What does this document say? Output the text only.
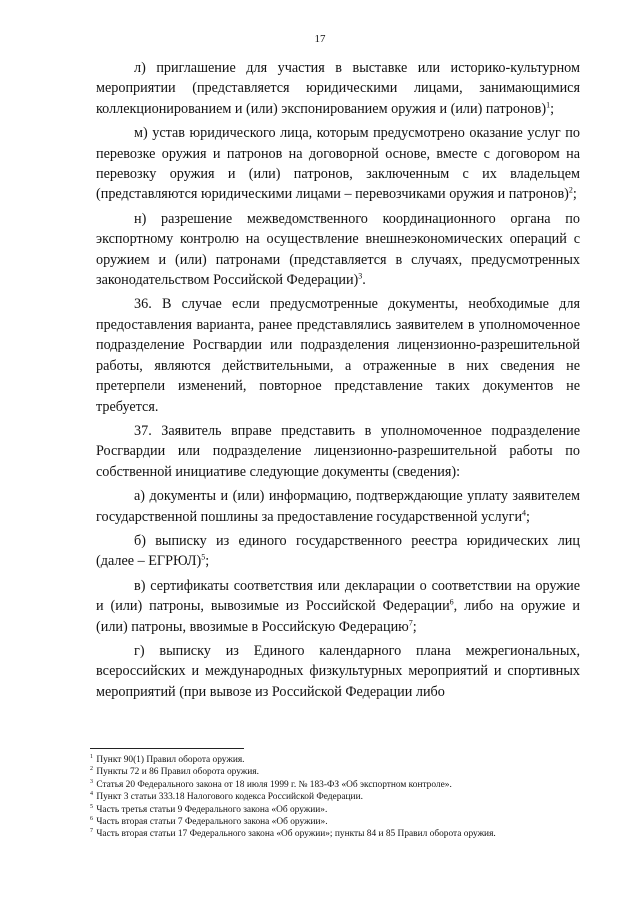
17

л) приглашение для участия в выставке или историко-культурном мероприятии (представляется юридическими лицами, занимающимися коллекционированием и (или) экспонированием оружия и (или) патронов)$^1$;

м) устав юридического лица, которым предусмотрено оказание услуг по перевозке оружия и патронов на договорной основе, вместе с договором на перевозку оружия и (или) патронов, заключенным с их владельцем (представляются юридическими лицами – перевозчиками оружия и патронов)$^2$;

н) разрешение межведомственного координационного органа по экспортному контролю на осуществление внешнеэкономических операций с оружием и (или) патронами (представляется в случаях, предусмотренных законодательством Российской Федерации)$^3$.

36. В случае если предусмотренные документы, необходимые для предоставления варианта, ранее представлялись заявителем в уполномоченное подразделение Росгвардии или подразделения лицензионно-разрешительной работы, являются действительными, а отраженные в них сведения не претерпели изменений, повторное представление таких документов не требуется.

37. Заявитель вправе представить в уполномоченное подразделение Росгвардии или подразделение лицензионно-разрешительной работы по собственной инициативе следующие документы (сведения):

а) документы и (или) информацию, подтверждающие уплату заявителем государственной пошлины за предоставление государственной услуги$^4$;

б) выписку из единого государственного реестра юридических лиц (далее – ЕГРЮЛ)$^5$;

в) сертификаты соответствия или декларации о соответствии на оружие и (или) патроны, вывозимые из Российской Федерации$^6$, либо на оружие и (или) патроны, ввозимые в Российскую Федерацию$^7$;

г) выписку из Единого календарного плана межрегиональных, всероссийских и международных физкультурных мероприятий и спортивных мероприятий (при вывозе из Российской Федерации либо

$^1$ Пункт 90(1) Правил оборота оружия.
$^2$ Пункты 72 и 86 Правил оборота оружия.
$^3$ Статья 20 Федерального закона от 18 июля 1999 г. № 183-ФЗ «Об экспортном контроле».
$^4$ Пункт 3 статьи 333.18 Налогового кодекса Российской Федерации.
$^5$ Часть третья статьи 9 Федерального закона «Об оружии».
$^6$ Часть вторая статьи 7 Федерального закона «Об оружии».
$^7$ Часть вторая статьи 17 Федерального закона «Об оружии»; пункты 84 и 85 Правил оборота оружия.
